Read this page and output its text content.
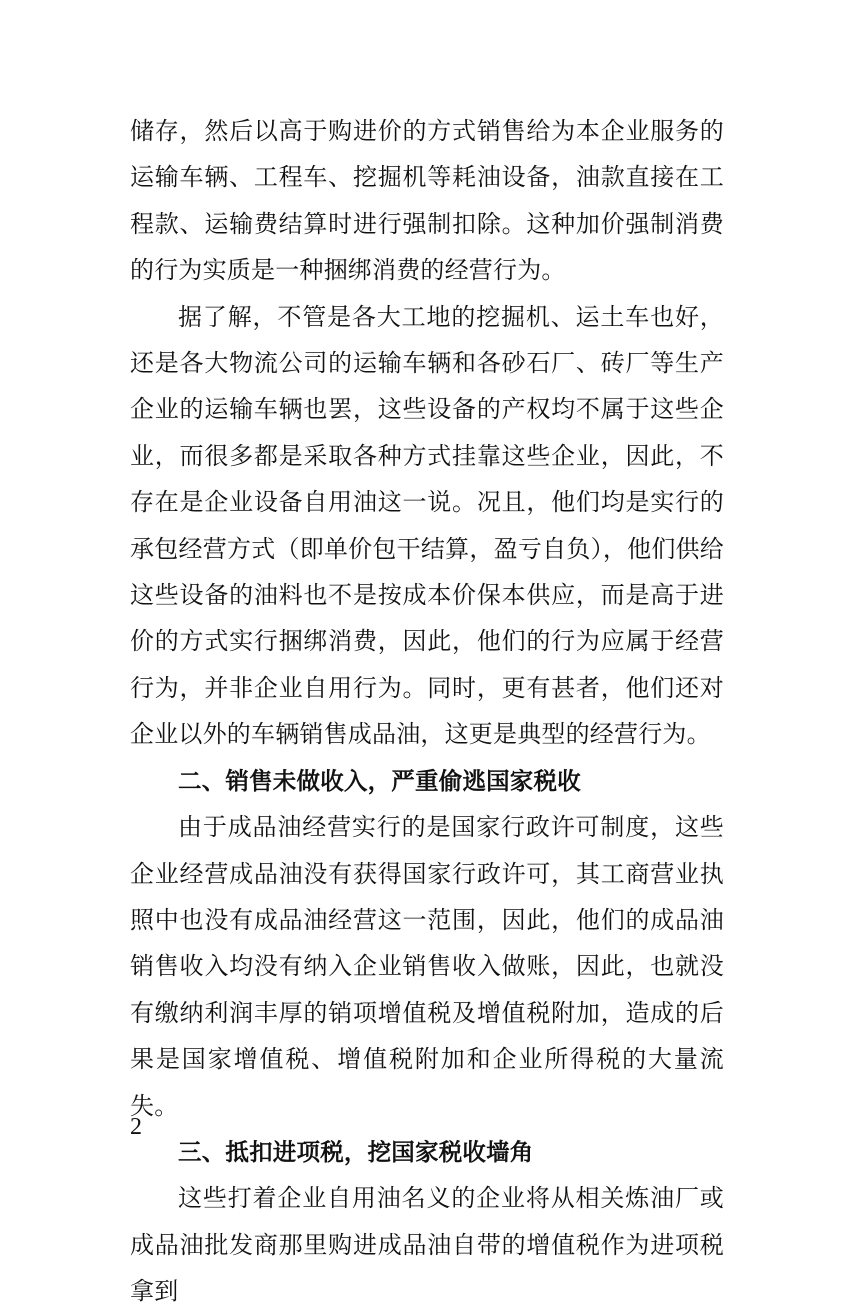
储存，然后以高于购进价的方式销售给为本企业服务的运输车辆、工程车、挖掘机等耗油设备，油款直接在工程款、运输费结算时进行强制扣除。这种加价强制消费的行为实质是一种捆绑消费的经营行为。

据了解，不管是各大工地的挖掘机、运土车也好，还是各大物流公司的运输车辆和各砂石厂、砖厂等生产企业的运输车辆也罢，这些设备的产权均不属于这些企业，而很多都是采取各种方式挂靠这些企业，因此，不存在是企业设备自用油这一说。况且，他们均是实行的承包经营方式（即单价包干结算，盈亏自负），他们供给这些设备的油料也不是按成本价保本供应，而是高于进价的方式实行捆绑消费，因此，他们的行为应属于经营行为，并非企业自用行为。同时，更有甚者，他们还对企业以外的车辆销售成品油，这更是典型的经营行为。

二、销售未做收入，严重偷逃国家税收

由于成品油经营实行的是国家行政许可制度，这些企业经营成品油没有获得国家行政许可，其工商营业执照中也没有成品油经营这一范围，因此，他们的成品油销售收入均没有纳入企业销售收入做账，因此，也就没有缴纳利润丰厚的销项增值税及增值税附加，造成的后果是国家增值税、增值税附加和企业所得税的大量流失。

三、抵扣进项税，挖国家税收墙角

这些打着企业自用油名义的企业将从相关炼油厂或成品油批发商那里购进成品油自带的增值税作为进项税拿到

2
